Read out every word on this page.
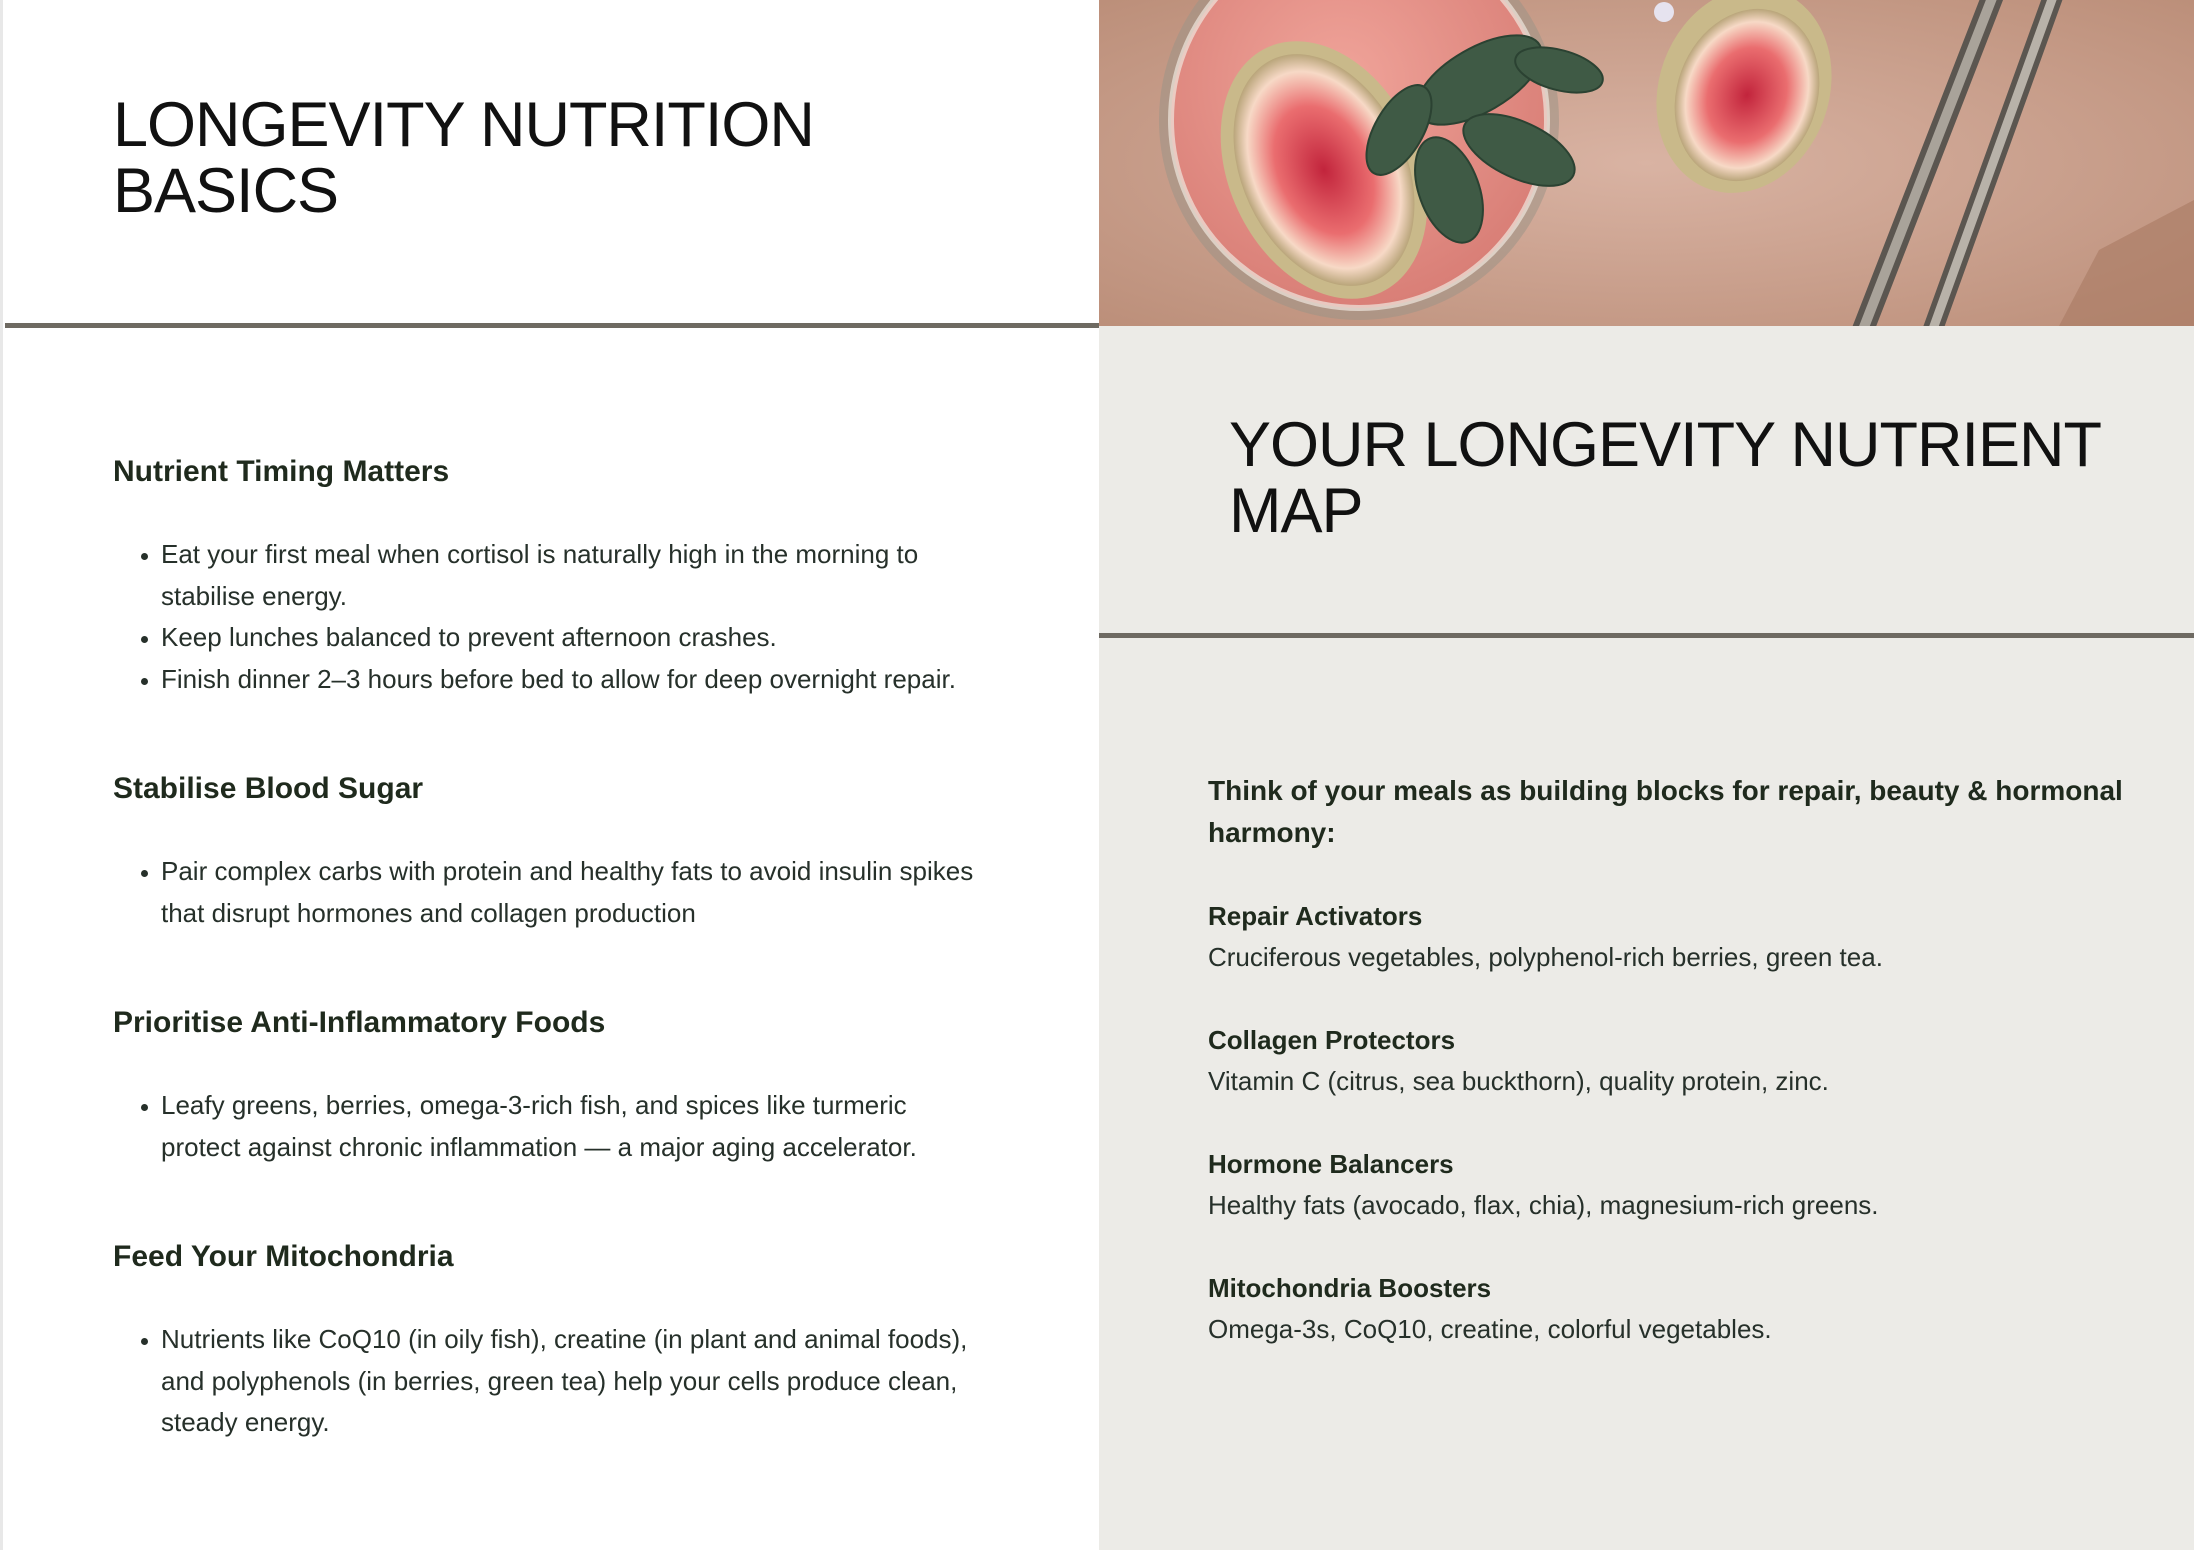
LONGEVITY NUTRITION
BASICS
Nutrient Timing Matters
• Eat your first meal when cortisol is naturally high in the morning to stabilise energy.
• Keep lunches balanced to prevent afternoon crashes.
• Finish dinner 2–3 hours before bed to allow for deep overnight repair.
Stabilise Blood Sugar
• Pair complex carbs with protein and healthy fats to avoid insulin spikes that disrupt hormones and collagen production
Prioritise Anti-Inflammatory Foods
• Leafy greens, berries, omega-3-rich fish, and spices like turmeric protect against chronic inflammation — a major aging accelerator.
Feed Your Mitochondria
• Nutrients like CoQ10 (in oily fish), creatine (in plant and animal foods), and polyphenols (in berries, green tea) help your cells produce clean, steady energy.
YOUR LONGEVITY NUTRIENT
MAP

Think of your meals as building blocks for repair, beauty & hormonal harmony:

Repair Activators
Cruciferous vegetables, polyphenol-rich berries, green tea.
Collagen Protectors
Vitamin C (citrus, sea buckthorn), quality protein, zinc.
Hormone Balancers
Healthy fats (avocado, flax, chia), magnesium-rich greens.
Mitochondria Boosters
Omega-3s, CoQ10, creatine, colorful vegetables.
